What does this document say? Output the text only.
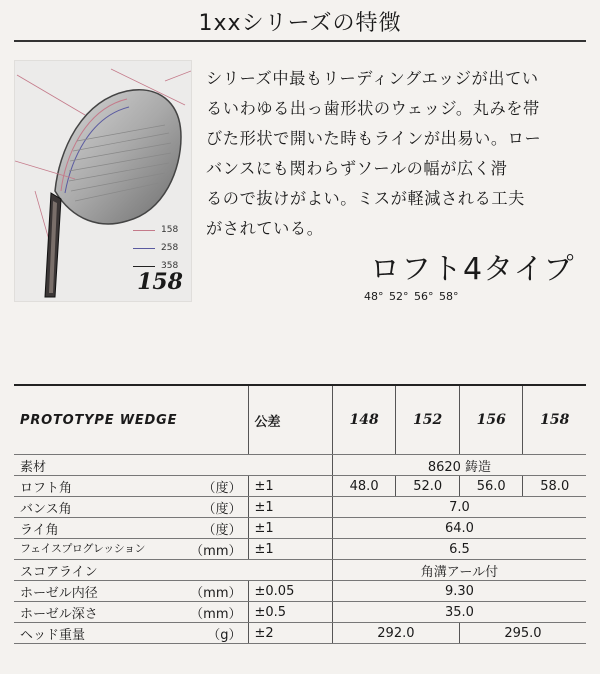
1xxシリーズの特徴
158
258
358
158
シリーズ中最もリーディングエッジが出てい
るいわゆる出っ歯形状のウェッジ。丸みを帯
びた形状で開いた時もラインが出易い。ロー
バンスにも関わらずソールの幅が広く滑
るので抜けがよい。ミスが軽減される工夫
がされている。
ロフト4タイプ
48° 52° 56° 58°
PROTOTYPE WEDGE	公差	148	152	156	158
素材		8620 鋳造			
ロフト角 （度）	±1	48.0	52.0	56.0	58.0
バンス角 （度）	±1	7.0			
ライ角 （度）	±1	64.0			
フェイスプログレッション （mm）	±1	6.5			
スコアライン		角溝アール付			
ホーゼル内径 （mm）	±0.05	9.30			
ホーゼル深さ （mm）	±0.5	35.0			
ヘッド重量 （g）	±2	292.0		295.0	
